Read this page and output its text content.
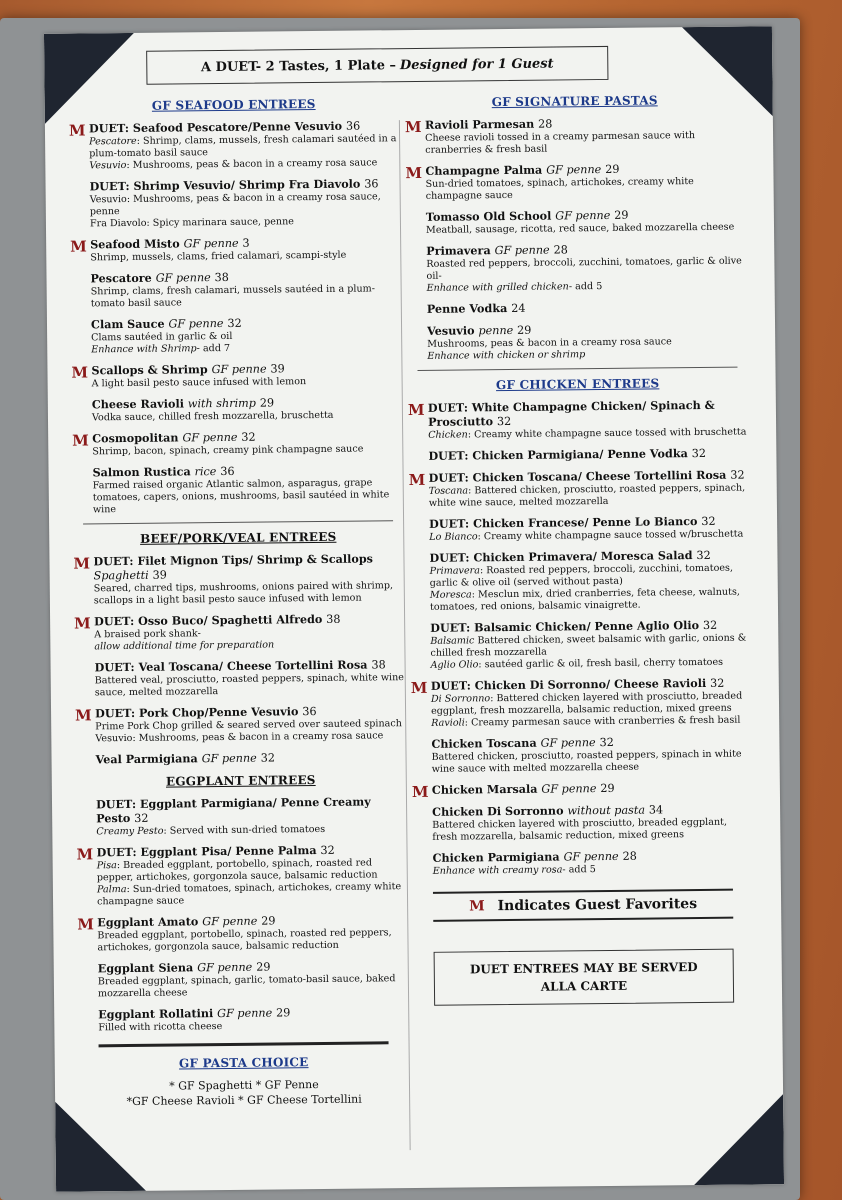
A DUET- 2 Tastes, 1 Plate – Designed for 1 Guest
GF SEAFOOD ENTREES
M DUET: Seafood Pescatore/Penne Vesuvio 36
Pescatore: Shrimp, clams, mussels, fresh calamari sautéed in a plum-tomato basil sauce
Vesuvio: Mushrooms, peas & bacon in a creamy rosa sauce
DUET: Shrimp Vesuvio/ Shrimp Fra Diavolo 36
Vesuvio: Mushrooms, peas & bacon in a creamy rosa sauce, penne
Fra Diavolo: Spicy marinara sauce, penne
M Seafood Misto GF penne 3
Shrimp, mussels, clams, fried calamari, scampi-style
Pescatore GF penne 38
Shrimp, clams, fresh calamari, mussels sautéed in a plum-tomato basil sauce
Clam Sauce GF penne 32
Clams sautéed in garlic & oil
Enhance with Shrimp- add 7
M Scallops & Shrimp GF penne 39
A light basil pesto sauce infused with lemon
Cheese Ravioli with shrimp 29
Vodka sauce, chilled fresh mozzarella, bruschetta
M Cosmopolitan GF penne 32
Shrimp, bacon, spinach, creamy pink champagne sauce
Salmon Rustica rice 36
Farmed raised organic Atlantic salmon, asparagus, grape tomatoes, capers, onions, mushrooms, basil sautéed in white wine
BEEF/PORK/VEAL ENTREES
M DUET: Filet Mignon Tips/ Shrimp & Scallops Spaghetti 39
Seared, charred tips, mushrooms, onions paired with shrimp, scallops in a light basil pesto sauce infused with lemon
M DUET: Osso Buco/ Spaghetti Alfredo 38
A braised pork shank-
allow additional time for preparation
DUET: Veal Toscana/ Cheese Tortellini Rosa 38
Battered veal, prosciutto, roasted peppers, spinach, white wine sauce, melted mozzarella
M DUET: Pork Chop/Penne Vesuvio 36
Prime Pork Chop grilled & seared served over sauteed spinach
Vesuvio: Mushrooms, peas & bacon in a creamy rosa sauce
Veal Parmigiana GF penne 32
EGGPLANT ENTREES
DUET: Eggplant Parmigiana/ Penne Creamy Pesto 32
Creamy Pesto: Served with sun-dried tomatoes
M DUET: Eggplant Pisa/ Penne Palma 32
Pisa: Breaded eggplant, portobello, spinach, roasted red pepper, artichokes, gorgonzola sauce, balsamic reduction
Palma: Sun-dried tomatoes, spinach, artichokes, creamy white champagne sauce
M Eggplant Amato GF penne 29
Breaded eggplant, portobello, spinach, roasted red peppers, artichokes, gorgonzola sauce, balsamic reduction
Eggplant Siena GF penne 29
Breaded eggplant, spinach, garlic, tomato-basil sauce, baked mozzarella cheese
Eggplant Rollatini GF penne 29
Filled with ricotta cheese
GF PASTA CHOICE
* GF Spaghetti * GF Penne
*GF Cheese Ravioli * GF Cheese Tortellini
GF SIGNATURE PASTAS
M Ravioli Parmesan 28
Cheese ravioli tossed in a creamy parmesan sauce with cranberries & fresh basil
M Champagne Palma GF penne 29
Sun-dried tomatoes, spinach, artichokes, creamy white champagne sauce
Tomasso Old School GF penne 29
Meatball, sausage, ricotta, red sauce, baked mozzarella cheese
Primavera GF penne 28
Roasted red peppers, broccoli, zucchini, tomatoes, garlic & olive oil-
Enhance with grilled chicken- add 5
Penne Vodka 24
Vesuvio penne 29
Mushrooms, peas & bacon in a creamy rosa sauce
Enhance with chicken or shrimp
GF CHICKEN ENTREES
M DUET: White Champagne Chicken/ Spinach & Prosciutto 32
Chicken: Creamy white champagne sauce tossed with bruschetta
DUET: Chicken Parmigiana/ Penne Vodka 32
M DUET: Chicken Toscana/ Cheese Tortellini Rosa 32
Toscana: Battered chicken, prosciutto, roasted peppers, spinach, white wine sauce, melted mozzarella
DUET: Chicken Francese/ Penne Lo Bianco 32
Lo Bianco: Creamy white champagne sauce tossed w/bruschetta
DUET: Chicken Primavera/ Moresca Salad 32
Primavera: Roasted red peppers, broccoli, zucchini, tomatoes, garlic & olive oil (served without pasta)
Moresca: Mesclun mix, dried cranberries, feta cheese, walnuts, tomatoes, red onions, balsamic vinaigrette.
DUET: Balsamic Chicken/ Penne Aglio Olio 32
Balsamic Battered chicken, sweet balsamic with garlic, onions & chilled fresh mozzarella
Aglio Olio: sautéed garlic & oil, fresh basil, cherry tomatoes
M DUET: Chicken Di Sorronno/ Cheese Ravioli 32
Di Sorronno: Battered chicken layered with prosciutto, breaded eggplant, fresh mozzarella, balsamic reduction, mixed greens
Ravioli: Creamy parmesan sauce with cranberries & fresh basil
Chicken Toscana GF penne 32
Battered chicken, prosciutto, roasted peppers, spinach in white wine sauce with melted mozzarella cheese
M Chicken Marsala GF penne 29
Chicken Di Sorronno without pasta 34
Battered chicken layered with prosciutto, breaded eggplant, fresh mozzarella, balsamic reduction, mixed greens
Chicken Parmigiana GF penne 28
Enhance with creamy rosa- add 5
M Indicates Guest Favorites
DUET ENTREES MAY BE SERVED
ALLA CARTE
